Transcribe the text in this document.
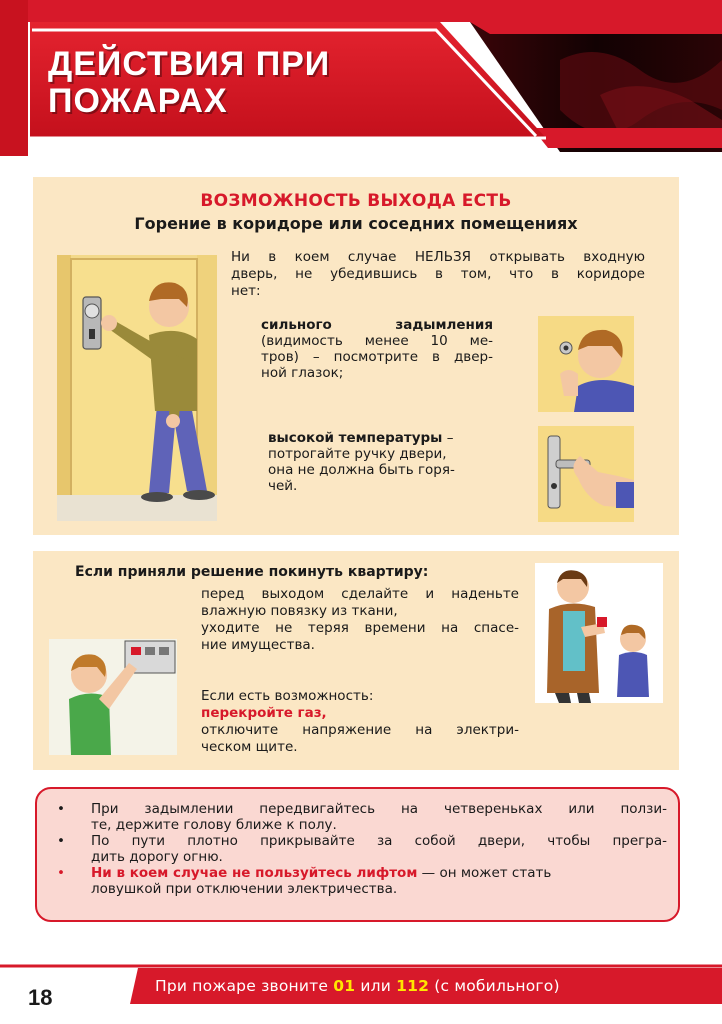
ДЕЙСТВИЯ ПРИ
ПОЖАРАХ
ВОЗМОЖНОСТЬ ВЫХОДА ЕСТЬ
Горение в коридоре или соседних помещениях
Ни в коем случае НЕЛЬЗЯ открывать входную
дверь, не убедившись в том, что в коридоре
нет:
сильного задымления
(видимость менее 10 ме-
тров) – посмотрите в двер-
ной глазок;
высокой температуры –
потрогайте ручку двери,
она не должна быть горя-
чей.
Если приняли решение покинуть квартиру:
перед выходом сделайте и наденьте
влажную повязку из ткани,
уходите не теряя времени на спасе-
ние имущества.
Если есть возможность:
перекройте газ,
отключите напряжение на электри-
ческом щите.
• При задымлении передвигайтесь на четвереньках или ползи-
те, держите голову ближе к полу.
• По пути плотно прикрывайте за собой двери, чтобы прегра-
дить дорогу огню.
• Ни в коем случае не пользуйтесь лифтом — он может стать
ловушкой при отключении электричества.
18	При пожаре звоните 01 или 112 (с мобильного)
